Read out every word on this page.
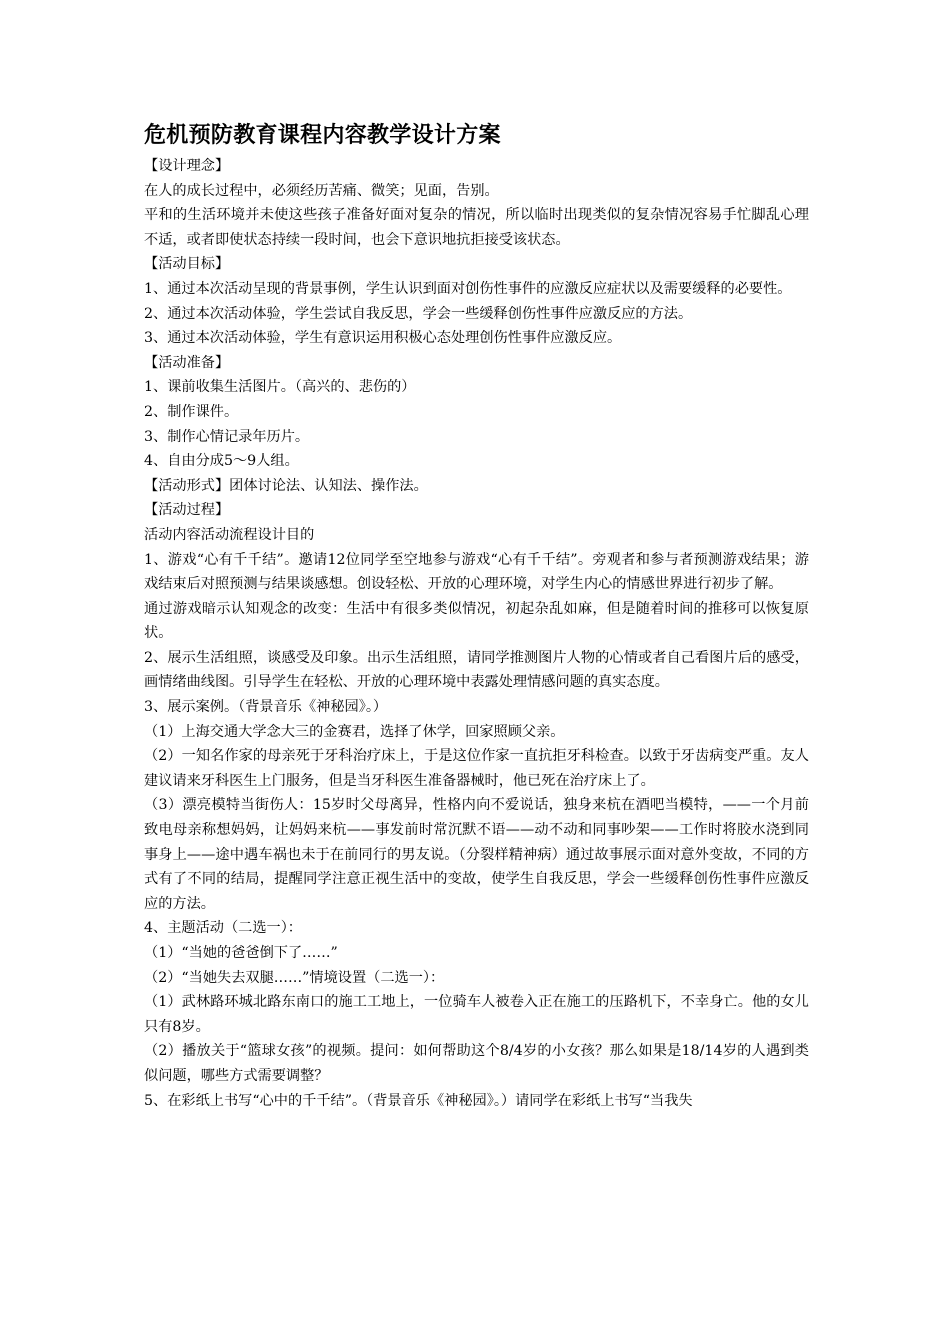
危机预防教育课程内容教学设计方案

【设计理念】

在人的成长过程中，必须经历苦痛、微笑；见面，告别。

平和的生活环境并未使这些孩子准备好面对复杂的情况，所以临时出现类似的复杂情况容易手忙脚乱心理不适，或者即使状态持续一段时间，也会下意识地抗拒接受该状态。

【活动目标】

1、通过本次活动呈现的背景事例，学生认识到面对创伤性事件的应激反应症状以及需要缓释的必要性。

2、通过本次活动体验，学生尝试自我反思，学会一些缓释创伤性事件应激反应的方法。

3、通过本次活动体验，学生有意识运用积极心态处理创伤性事件应激反应。

【活动准备】

1、课前收集生活图片。（高兴的、悲伤的）

2、制作课件。

3、制作心情记录年历片。

4、自由分成5～9人组。

【活动形式】团体讨论法、认知法、操作法。

【活动过程】

活动内容活动流程设计目的

1、游戏“心有千千结”。邀请12位同学至空地参与游戏“心有千千结”。旁观者和参与者预测游戏结果；游戏结束后对照预测与结果谈感想。创设轻松、开放的心理环境，对学生内心的情感世界进行初步了解。

通过游戏暗示认知观念的改变：生活中有很多类似情况，初起杂乱如麻，但是随着时间的推移可以恢复原状。

2、展示生活组照，谈感受及印象。出示生活组照，请同学推测图片人物的心情或者自己看图片后的感受，画情绪曲线图。引导学生在轻松、开放的心理环境中表露处理情感问题的真实态度。

3、展示案例。（背景音乐《神秘园》。）

（1）上海交通大学念大三的金赛君，选择了休学，回家照顾父亲。

（2）一知名作家的母亲死于牙科治疗床上，于是这位作家一直抗拒牙科检查。以致于牙齿病变严重。友人建议请来牙科医生上门服务，但是当牙科医生准备器械时，他已死在治疗床上了。

（3）漂亮模特当街伤人：15岁时父母离异，性格内向不爱说话，独身来杭在酒吧当模特，——一个月前致电母亲称想妈妈，让妈妈来杭——事发前时常沉默不语——动不动和同事吵架——工作时将胶水浇到同事身上——途中遇车祸也未于在前同行的男友说。（分裂样精神病）通过故事展示面对意外变故，不同的方式有了不同的结局，提醒同学注意正视生活中的变故，使学生自我反思，学会一些缓释创伤性事件应激反应的方法。

4、主题活动（二选一）：

（1）“当她的爸爸倒下了……”

（2）“当她失去双腿……”情境设置（二选一）：

（1）武林路环城北路东南口的施工工地上，一位骑车人被卷入正在施工的压路机下，不幸身亡。他的女儿只有8岁。

（2）播放关于“篮球女孩”的视频。提问：如何帮助这个8/4岁的小女孩？那么如果是18/14岁的人遇到类似问题，哪些方式需要调整？

5、在彩纸上书写“心中的千千结”。（背景音乐《神秘园》。）请同学在彩纸上书写“当我失
